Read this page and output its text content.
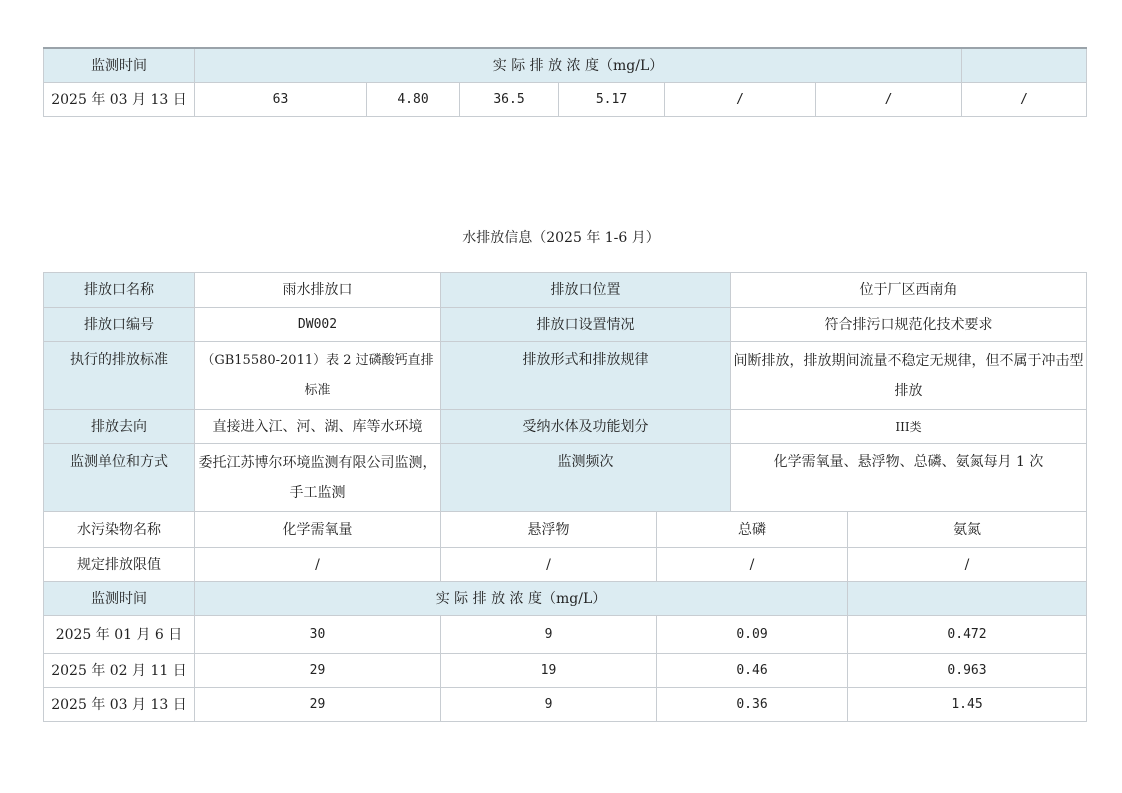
监测时间	实 际 排 放 浓 度（mg/L）						
2025 年 03 月 13 日	63	4.80	36.5	5.17	/	/	/
水排放信息（2025 年 1-6 月）
排放口名称	雨水排放口	排放口位置		位于厂区西南角	
排放口编号	DW002	排放口设置情况		符合排污口规范化技术要求	
执行的排放标准	（GB15580-2011）表 2 过磷酸钙直排标准	排放形式和排放规律		间断排放，排放期间流量不稳定无规律，但不属于冲击型排放	
排放去向	直接进入江、河、湖、库等水环境	受纳水体及功能划分		III类	
监测单位和方式	委托江苏博尔环境监测有限公司监测，手工监测	监测频次		化学需氧量、悬浮物、总磷、氨氮每月 1 次	
水污染物名称	化学需氧量	悬浮物	总磷		氨氮
规定排放限值	/	/	/		/
监测时间	实 际 排 放 浓 度（mg/L）				
2025 年 01 月 6 日	30	9	0.09		0.472
2025 年 02 月 11 日	29	19	0.46		0.963
2025 年 03 月 13 日	29	9	0.36		1.45
